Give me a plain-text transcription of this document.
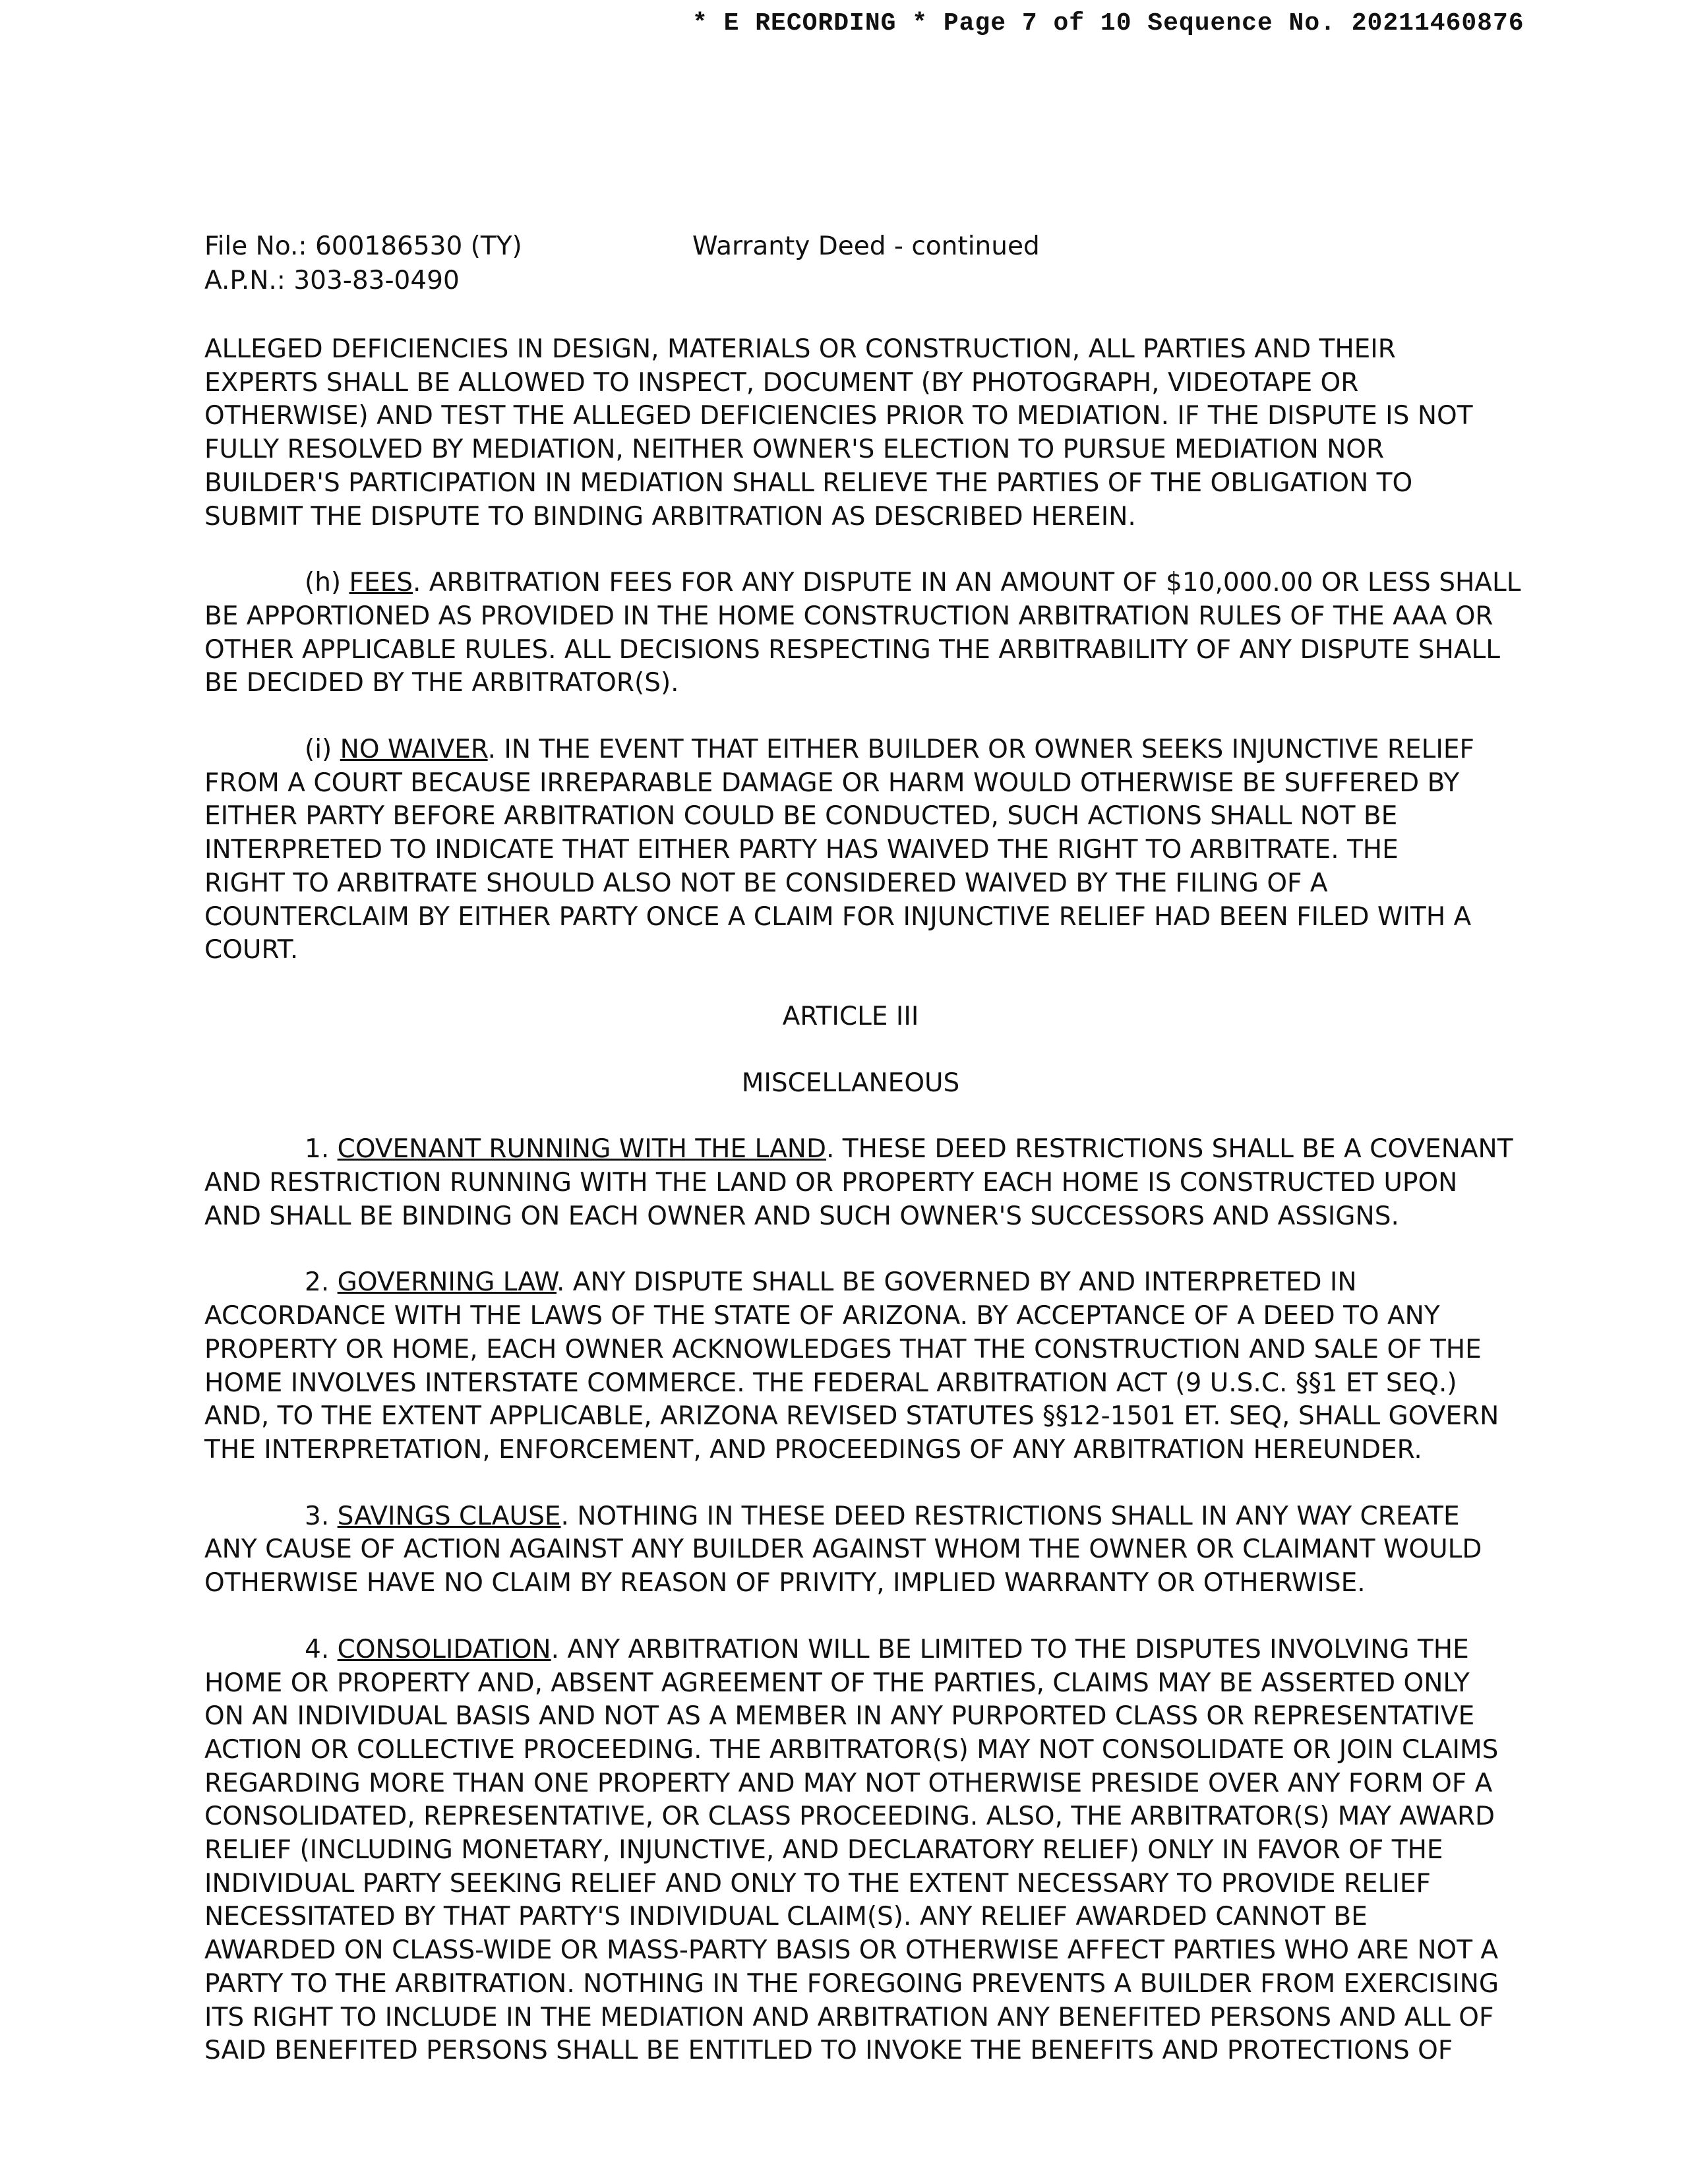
* E RECORDING * Page 7 of 10 Sequence No. 20211460876
File No.: 600186530 (TY)
A.P.N.: 303-83-0490
Warranty Deed - continued
ALLEGED DEFICIENCIES IN DESIGN, MATERIALS OR CONSTRUCTION, ALL PARTIES AND THEIR
EXPERTS SHALL BE ALLOWED TO INSPECT, DOCUMENT (BY PHOTOGRAPH, VIDEOTAPE OR
OTHERWISE) AND TEST THE ALLEGED DEFICIENCIES PRIOR TO MEDIATION. IF THE DISPUTE IS NOT
FULLY RESOLVED BY MEDIATION, NEITHER OWNER'S ELECTION TO PURSUE MEDIATION NOR
BUILDER'S PARTICIPATION IN MEDIATION SHALL RELIEVE THE PARTIES OF THE OBLIGATION TO
SUBMIT THE DISPUTE TO BINDING ARBITRATION AS DESCRIBED HEREIN.
(h) FEES. ARBITRATION FEES FOR ANY DISPUTE IN AN AMOUNT OF $10,000.00 OR LESS SHALL
BE APPORTIONED AS PROVIDED IN THE HOME CONSTRUCTION ARBITRATION RULES OF THE AAA OR
OTHER APPLICABLE RULES. ALL DECISIONS RESPECTING THE ARBITRABILITY OF ANY DISPUTE SHALL
BE DECIDED BY THE ARBITRATOR(S).
(i) NO WAIVER. IN THE EVENT THAT EITHER BUILDER OR OWNER SEEKS INJUNCTIVE RELIEF
FROM A COURT BECAUSE IRREPARABLE DAMAGE OR HARM WOULD OTHERWISE BE SUFFERED BY
EITHER PARTY BEFORE ARBITRATION COULD BE CONDUCTED, SUCH ACTIONS SHALL NOT BE
INTERPRETED TO INDICATE THAT EITHER PARTY HAS WAIVED THE RIGHT TO ARBITRATE. THE
RIGHT TO ARBITRATE SHOULD ALSO NOT BE CONSIDERED WAIVED BY THE FILING OF A
COUNTERCLAIM BY EITHER PARTY ONCE A CLAIM FOR INJUNCTIVE RELIEF HAD BEEN FILED WITH A
COURT.
ARTICLE III
MISCELLANEOUS
1. COVENANT RUNNING WITH THE LAND. THESE DEED RESTRICTIONS SHALL BE A COVENANT
AND RESTRICTION RUNNING WITH THE LAND OR PROPERTY EACH HOME IS CONSTRUCTED UPON
AND SHALL BE BINDING ON EACH OWNER AND SUCH OWNER'S SUCCESSORS AND ASSIGNS.
2. GOVERNING LAW. ANY DISPUTE SHALL BE GOVERNED BY AND INTERPRETED IN
ACCORDANCE WITH THE LAWS OF THE STATE OF ARIZONA. BY ACCEPTANCE OF A DEED TO ANY
PROPERTY OR HOME, EACH OWNER ACKNOWLEDGES THAT THE CONSTRUCTION AND SALE OF THE
HOME INVOLVES INTERSTATE COMMERCE. THE FEDERAL ARBITRATION ACT (9 U.S.C. §§1 ET SEQ.)
AND, TO THE EXTENT APPLICABLE, ARIZONA REVISED STATUTES §§12-1501 ET. SEQ, SHALL GOVERN
THE INTERPRETATION, ENFORCEMENT, AND PROCEEDINGS OF ANY ARBITRATION HEREUNDER.
3. SAVINGS CLAUSE. NOTHING IN THESE DEED RESTRICTIONS SHALL IN ANY WAY CREATE
ANY CAUSE OF ACTION AGAINST ANY BUILDER AGAINST WHOM THE OWNER OR CLAIMANT WOULD
OTHERWISE HAVE NO CLAIM BY REASON OF PRIVITY, IMPLIED WARRANTY OR OTHERWISE.
4. CONSOLIDATION. ANY ARBITRATION WILL BE LIMITED TO THE DISPUTES INVOLVING THE
HOME OR PROPERTY AND, ABSENT AGREEMENT OF THE PARTIES, CLAIMS MAY BE ASSERTED ONLY
ON AN INDIVIDUAL BASIS AND NOT AS A MEMBER IN ANY PURPORTED CLASS OR REPRESENTATIVE
ACTION OR COLLECTIVE PROCEEDING. THE ARBITRATOR(S) MAY NOT CONSOLIDATE OR JOIN CLAIMS
REGARDING MORE THAN ONE PROPERTY AND MAY NOT OTHERWISE PRESIDE OVER ANY FORM OF A
CONSOLIDATED, REPRESENTATIVE, OR CLASS PROCEEDING. ALSO, THE ARBITRATOR(S) MAY AWARD
RELIEF (INCLUDING MONETARY, INJUNCTIVE, AND DECLARATORY RELIEF) ONLY IN FAVOR OF THE
INDIVIDUAL PARTY SEEKING RELIEF AND ONLY TO THE EXTENT NECESSARY TO PROVIDE RELIEF
NECESSITATED BY THAT PARTY'S INDIVIDUAL CLAIM(S). ANY RELIEF AWARDED CANNOT BE
AWARDED ON CLASS-WIDE OR MASS-PARTY BASIS OR OTHERWISE AFFECT PARTIES WHO ARE NOT A
PARTY TO THE ARBITRATION. NOTHING IN THE FOREGOING PREVENTS A BUILDER FROM EXERCISING
ITS RIGHT TO INCLUDE IN THE MEDIATION AND ARBITRATION ANY BENEFITED PERSONS AND ALL OF
SAID BENEFITED PERSONS SHALL BE ENTITLED TO INVOKE THE BENEFITS AND PROTECTIONS OF
